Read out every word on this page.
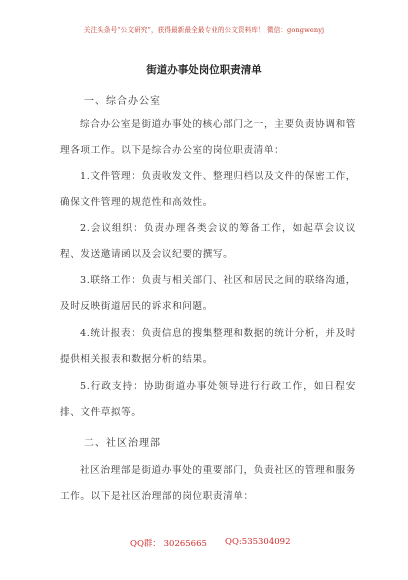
关注头条号“公文研究”，获得最新最全最专业的公文资料库！ 微信：gongwenyj
街道办事处岗位职责清单
一、综合办公室

综合办公室是街道办事处的核心部门之一，主要负责协调和管理各项工作。以下是综合办公室的岗位职责清单：

1.文件管理：负责收发文件、整理归档以及文件的保密工作，确保文件管理的规范性和高效性。

2.会议组织：负责办理各类会议的筹备工作，如起草会议议程、发送邀请函以及会议纪要的撰写。

3.联络工作：负责与相关部门、社区和居民之间的联络沟通，及时反映街道居民的诉求和问题。

4.统计报表：负责信息的搜集整理和数据的统计分析，并及时提供相关报表和数据分析的结果。

5.行政支持：协助街道办事处领导进行行政工作，如日程安排、文件草拟等。

二、社区治理部

社区治理部是街道办事处的重要部门，负责社区的管理和服务工作。以下是社区治理部的岗位职责清单：

QQ群： 30265665 QQ:535304092
